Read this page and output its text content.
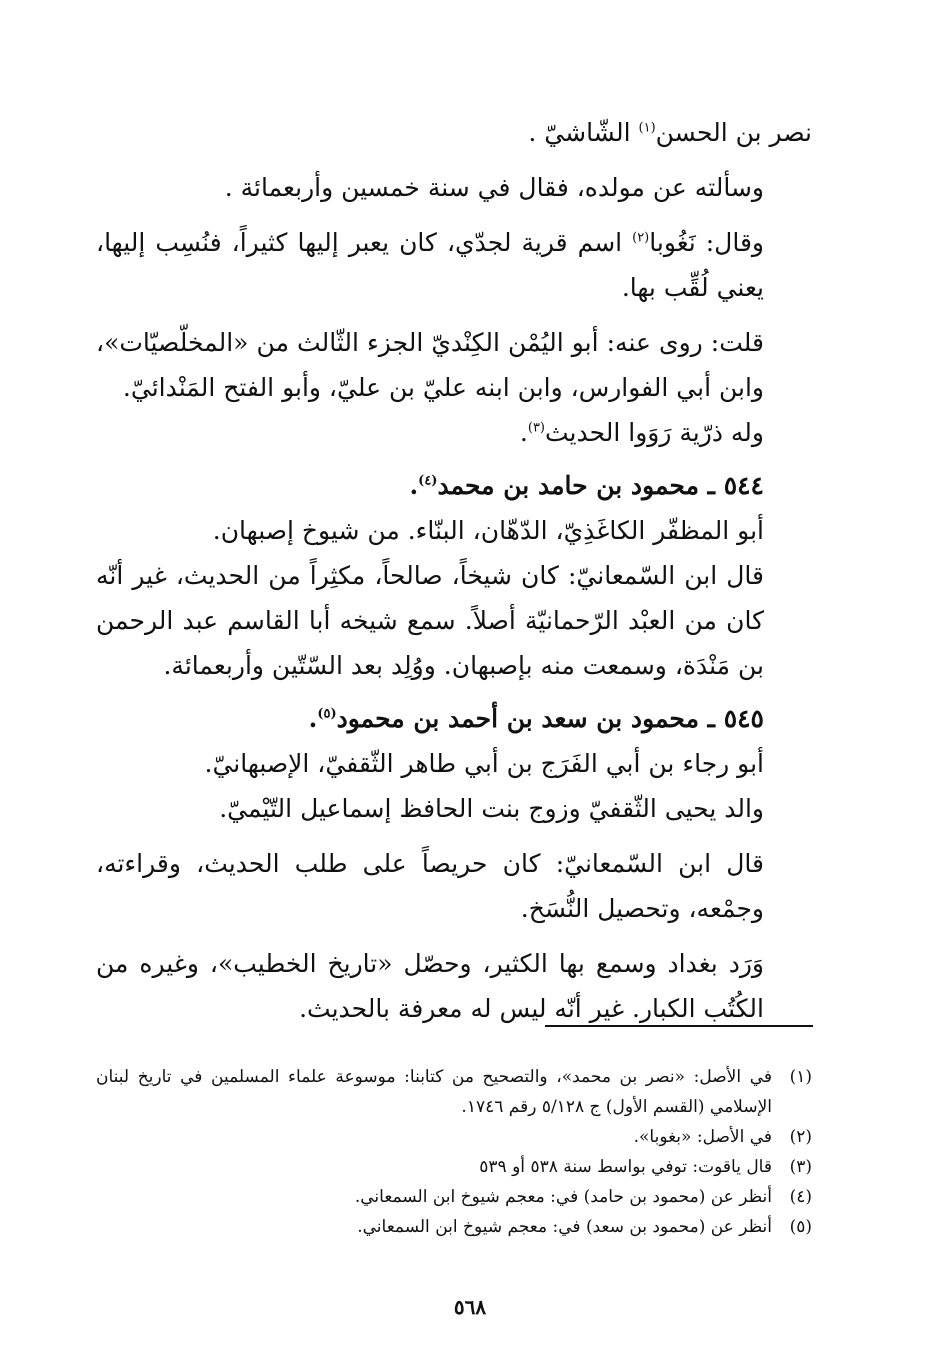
نصر بن الحسن$^{(١)}$ الشّاشيّ .

وسألته عن مولده، فقال في سنة خمسين وأربعمائة .

وقال: نَغُوبا$^{(٢)}$ اسم قرية لجدّي، كان يعبر إليها كثيراً، فنُسِب إليها، يعني لُقِّب بها.

قلت: روى عنه: أبو اليُمْن الكِنْديّ الجزء الثّالث من «المخلّصيّات»، وابن أبي الفوارس، وابن ابنه عليّ بن عليّ، وأبو الفتح المَنْدائيّ.

وله ذرّية رَوَوا الحديث$^{(٣)}$.

٥٤٤ ـ محمود بن حامد بن محمد$^{(٤)}$.

أبو المظفّر الكاغَذِيّ، الدّهّان، البنّاء. من شيوخ إصبهان.

قال ابن السّمعانيّ: كان شيخاً، صالحاً، مكثِراً من الحديث، غير أنّه كان من العبْد الرّحمانيّة أصلاً. سمع شيخه أبا القاسم عبد الرحمن بن مَنْدَة، وسمعت منه بإصبهان. ووُلِد بعد السّتّين وأربعمائة.

٥٤٥ ـ محمود بن سعد بن أحمد بن محمود$^{(٥)}$.

أبو رجاء بن أبي الفَرَج بن أبي طاهر الثّقفيّ، الإصبهانيّ.

والد يحيى الثّقفيّ وزوج بنت الحافظ إسماعيل التّيْميّ.

قال ابن السّمعانيّ: كان حريصاً على طلب الحديث، وقراءته، وجمْعه، وتحصيل النُّسَخ.

وَرَد بغداد وسمع بها الكثير، وحصّل «تاريخ الخطيب»، وغيره من الكُتُب الكبار. غير أنّه ليس له معرفة بالحديث.

(١)
في الأصل: «نصر بن محمد»، والتصحيح من كتابنا: موسوعة علماء المسلمين في تاريخ لبنان الإسلامي (القسم الأول) ج ٥/١٢٨ رقم ١٧٤٦.
(٢)
في الأصل: «بغوبا».
(٣)
قال ياقوت: توفي بواسط سنة ٥٣٨ أو ٥٣٩
(٤)
أنظر عن (محمود بن حامد) في: معجم شيوخ ابن السمعاني.
(٥)
أنظر عن (محمود بن سعد) في: معجم شيوخ ابن السمعاني.
٥٦٨
